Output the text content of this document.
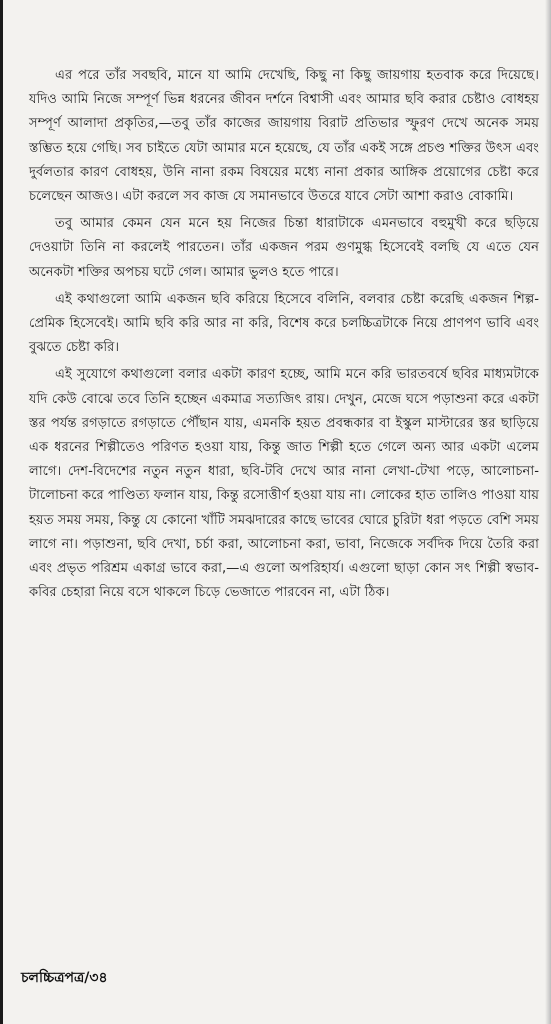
এর পরে তাঁর সবছবি, মানে যা আমি দেখেছি, কিছু না কিছু জায়গায় হতবাক করে দিয়েছে। যদিও আমি নিজে সম্পূর্ণ ভিন্ন ধরনের জীবন দর্শনে বিশ্বাসী এবং আমার ছবি করার চেষ্টাও বোধহয় সম্পূর্ণ আলাদা প্রকৃতির,—তবু তাঁর কাজের জায়গায় বিরাট প্রতিভার স্ফুরণ দেখে অনেক সময় স্তম্ভিত হয়ে গেছি। সব চাইতে যেটা আমার মনে হয়েছে, যে তাঁর একই সঙ্গে প্রচণ্ড শক্তির উৎস এবং দুর্বলতার কারণ বোধহয়, উনি নানা রকম বিষয়ের মধ্যে নানা প্রকার আঙ্গিক প্রয়োগের চেষ্টা করে চলেছেন আজও। এটা করলে সব কাজ যে সমানভাবে উতরে যাবে সেটা আশা করাও বোকামি।

তবু আমার কেমন যেন মনে হয় নিজের চিন্তা ধারাটাকে এমনভাবে বহুমুখী করে ছড়িয়ে দেওয়াটা তিনি না করলেই পারতেন। তাঁর একজন পরম গুণমুগ্ধ হিসেবেই বলছি যে এতে যেন অনেকটা শক্তির অপচয় ঘটে গেল। আমার ভুলও হতে পারে।

এই কথাগুলো আমি একজন ছবি করিয়ে হিসেবে বলিনি, বলবার চেষ্টা করেছি একজন শিল্প-প্রেমিক হিসেবেই। আমি ছবি করি আর না করি, বিশেষ করে চলচ্চিত্রটাকে নিয়ে প্রাণপণ ভাবি এবং বুঝতে চেষ্টা করি।

এই সুযোগে কথাগুলো বলার একটা কারণ হচ্ছে, আমি মনে করি ভারতবর্ষে ছবির মাধ্যমটাকে যদি কেউ বোঝে তবে তিনি হচ্ছেন একমাত্র সত্যজিৎ রায়। দেখুন, মেজে ঘসে পড়াশুনা করে একটা স্তর পর্যন্ত রগড়াতে রগড়াতে পৌঁছান যায়, এমনকি হয়ত প্রবন্ধকার বা ইস্কুল মাস্টারের স্তর ছাড়িয়ে এক ধরনের শিল্পীতেও পরিণত হওয়া যায়, কিন্তু জাত শিল্পী হতে গেলে অন্য আর একটা এলেম লাগে। দেশ-বিদেশের নতুন নতুন ধারা, ছবি-টবি দেখে আর নানা লেখা-টেখা পড়ে, আলোচনা-টালোচনা করে পাণ্ডিত্য ফলান যায়, কিন্তু রসোত্তীর্ণ হওয়া যায় না। লোকের হাত তালিও পাওয়া যায় হয়ত সময় সময়, কিন্তু যে কোনো খাঁটি সমঝদারের কাছে ভাবের ঘোরে চুরিটা ধরা পড়তে বেশি সময় লাগে না। পড়াশুনা, ছবি দেখা, চর্চা করা, আলোচনা করা, ভাবা, নিজেকে সর্বদিক দিয়ে তৈরি করা এবং প্রভৃত পরিশ্রম একাগ্র ভাবে করা,—এ গুলো অপরিহার্য। এগুলো ছাড়া কোন সৎ শিল্পী স্বভাব-কবির চেহারা নিয়ে বসে থাকলে চিড়ে ভেজাতে পারবেন না, এটা ঠিক।

চলচ্চিত্রপত্র/৩৪
